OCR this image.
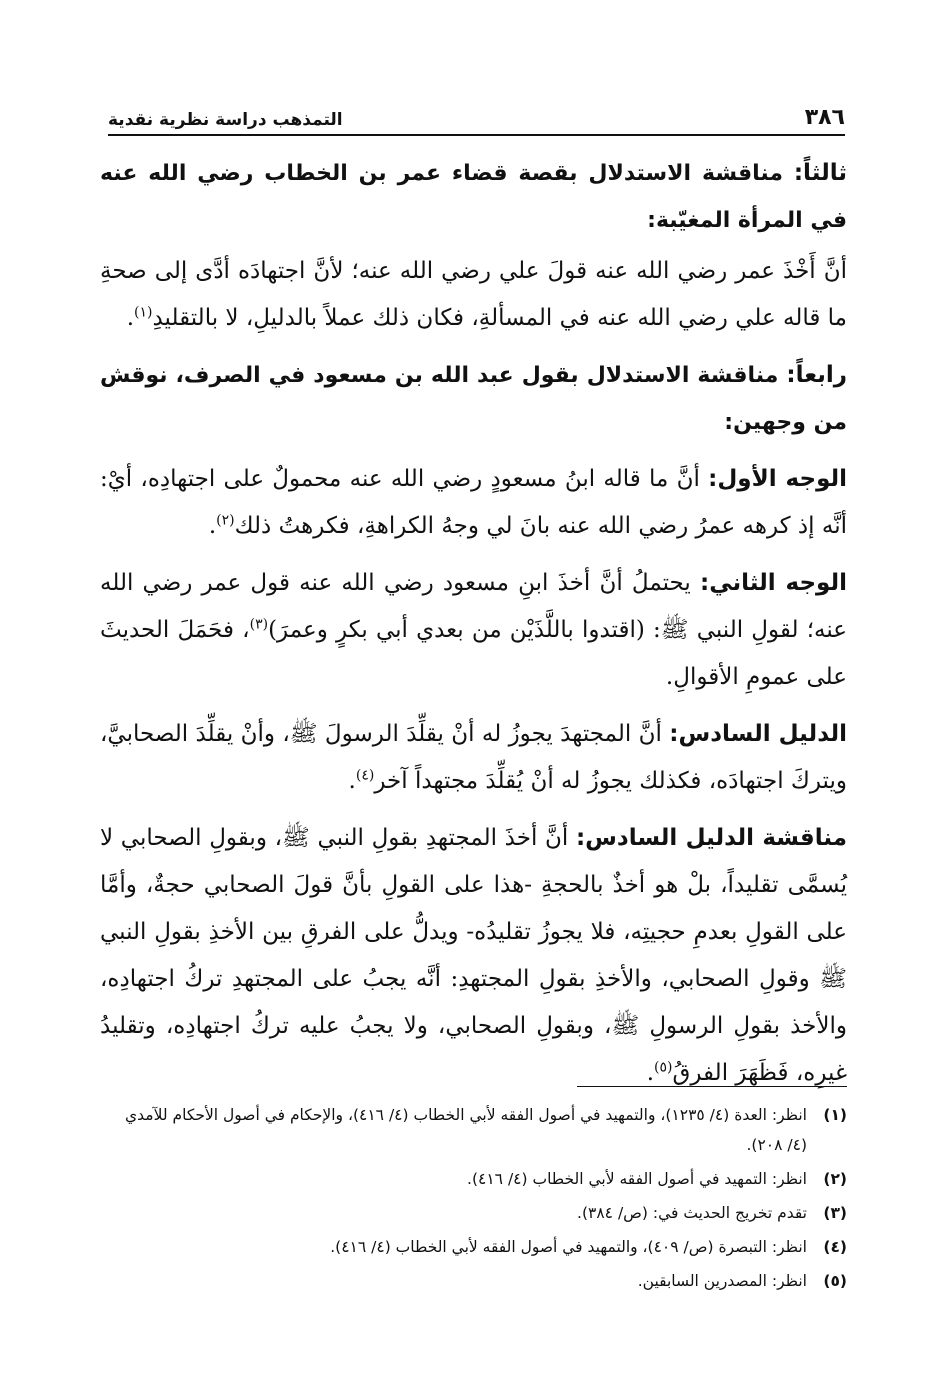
٣٨٦
التمذهب دراسة نظرية نقدية

ثالثاً: مناقشة الاستدلال بقصة قضاء عمر بن الخطاب رضي الله عنه في المرأة المغيّبة:

أنَّ أَخْذَ عمر رضي الله عنه قولَ علي رضي الله عنه؛ لأنَّ اجتهادَه أدَّى إلى صحةِ ما قاله علي رضي الله عنه في المسألةِ، فكان ذلك عملاً بالدليلِ، لا بالتقليدِ$^{(١)}$.

رابعاً: مناقشة الاستدلال بقول عبد الله بن مسعود في الصرف، نوقش من وجهين:

الوجه الأول: أنَّ ما قاله ابنُ مسعودٍ رضي الله عنه محمولٌ على اجتهادِه، أيْ: أنَّه إذ كرهه عمرُ رضي الله عنه بانَ لي وجهُ الكراهةِ، فكرهتُ ذلك$^{(٢)}$.

الوجه الثاني: يحتملُ أنَّ أخذَ ابنِ مسعود رضي الله عنه قول عمر رضي الله عنه؛ لقولِ النبي ﷺ: (اقتدوا باللَّذَيْن من بعدي أبي بكرٍ وعمرَ)$^{(٣)}$، فحَمَلَ الحديثَ على عمومِ الأقوالِ.

الدليل السادس: أنَّ المجتهدَ يجوزُ له أنْ يقلِّدَ الرسولَ ﷺ، وأنْ يقلِّدَ الصحابيَّ، ويتركَ اجتهادَه، فكذلك يجوزُ له أنْ يُقلِّدَ مجتهداً آخر$^{(٤)}$.

مناقشة الدليل السادس: أنَّ أخذَ المجتهدِ بقولِ النبي ﷺ، وبقولِ الصحابي لا يُسمَّى تقليداً، بلْ هو أخذٌ بالحجةِ -هذا على القولِ بأنَّ قولَ الصحابي حجةٌ، وأمَّا على القولِ بعدمِ حجيتِه، فلا يجوزُ تقليدُه- ويدلُّ على الفرقِ بين الأخذِ بقولِ النبي ﷺ وقولِ الصحابي، والأخذِ بقولِ المجتهدِ: أنَّه يجبُ على المجتهدِ تركُ اجتهادِه، والأخذ بقولِ الرسولِ ﷺ، وبقولِ الصحابي، ولا يجبُ عليه تركُ اجتهادِه، وتقليدُ غيرِه، فَظَهَرَ الفرقُ$^{(٥)}$.

(١)
انظر: العدة (٤/ ١٢٣٥)، والتمهيد في أصول الفقه لأبي الخطاب (٤/ ٤١٦)، والإحكام في أصول الأحكام للآمدي (٤/ ٢٠٨).
(٢)
انظر: التمهيد في أصول الفقه لأبي الخطاب (٤/ ٤١٦).
(٣)
تقدم تخريج الحديث في: (ص/ ٣٨٤).
(٤)
انظر: التبصرة (ص/ ٤٠٩)، والتمهيد في أصول الفقه لأبي الخطاب (٤/ ٤١٦).
(٥)
انظر: المصدرين السابقين.
